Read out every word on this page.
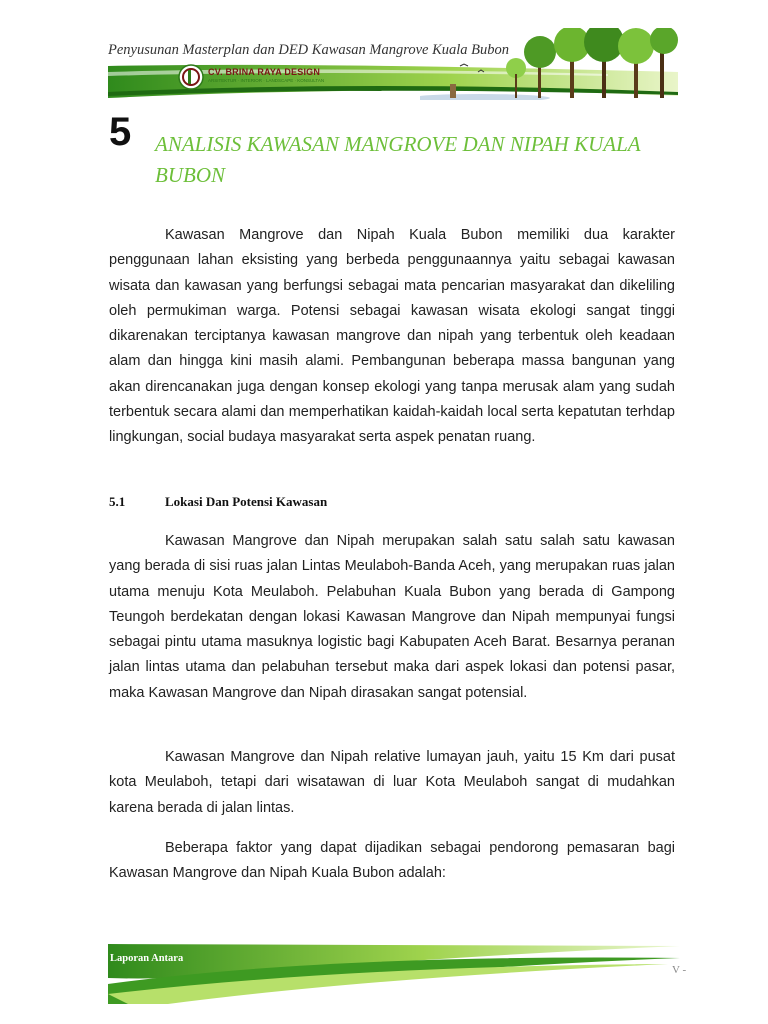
Penyusunan Masterplan dan DED Kawasan Mangrove Kuala Bubon
CV. BRINA RAYA DESIGN
ARSITEKTUR · INTERIOR · LANDSCAPE · KONSULTAN
5 ANALISIS KAWASAN MANGROVE DAN NIPAH KUALA BUBON

Kawasan Mangrove dan Nipah Kuala Bubon memiliki dua karakter penggunaan lahan eksisting yang berbeda penggunaannya yaitu sebagai kawasan wisata dan kawasan yang berfungsi sebagai mata pencarian masyarakat dan dikeliling oleh permukiman warga. Potensi sebagai kawasan wisata ekologi sangat tinggi dikarenakan terciptanya kawasan mangrove dan nipah yang terbentuk oleh keadaan alam dan hingga kini masih alami. Pembangunan beberapa massa bangunan yang akan direncanakan juga dengan konsep ekologi yang tanpa merusak alam yang sudah terbentuk secara alami dan memperhatikan kaidah-kaidah local serta kepatutan terhdap lingkungan, social budaya masyarakat serta aspek penatan ruang.

5.1	Lokasi Dan Potensi Kawasan

Kawasan Mangrove dan Nipah merupakan salah satu salah satu kawasan yang berada di sisi ruas jalan Lintas Meulaboh-Banda Aceh, yang merupakan ruas jalan utama menuju Kota Meulaboh. Pelabuhan Kuala Bubon yang berada di Gampong Teungoh berdekatan dengan lokasi Kawasan Mangrove dan Nipah mempunyai fungsi sebagai pintu utama masuknya logistic bagi Kabupaten Aceh Barat. Besarnya peranan jalan lintas utama dan pelabuhan tersebut maka dari aspek lokasi dan potensi pasar, maka Kawasan Mangrove dan Nipah dirasakan sangat potensial.

Kawasan Mangrove dan Nipah relative lumayan jauh, yaitu 15 Km dari pusat kota Meulaboh, tetapi dari wisatawan di luar Kota Meulaboh sangat di mudahkan karena berada di jalan lintas.

Beberapa faktor yang dapat dijadikan sebagai pendorong pemasaran bagi Kawasan Mangrove dan Nipah Kuala Bubon adalah:

Laporan Antara
V -
